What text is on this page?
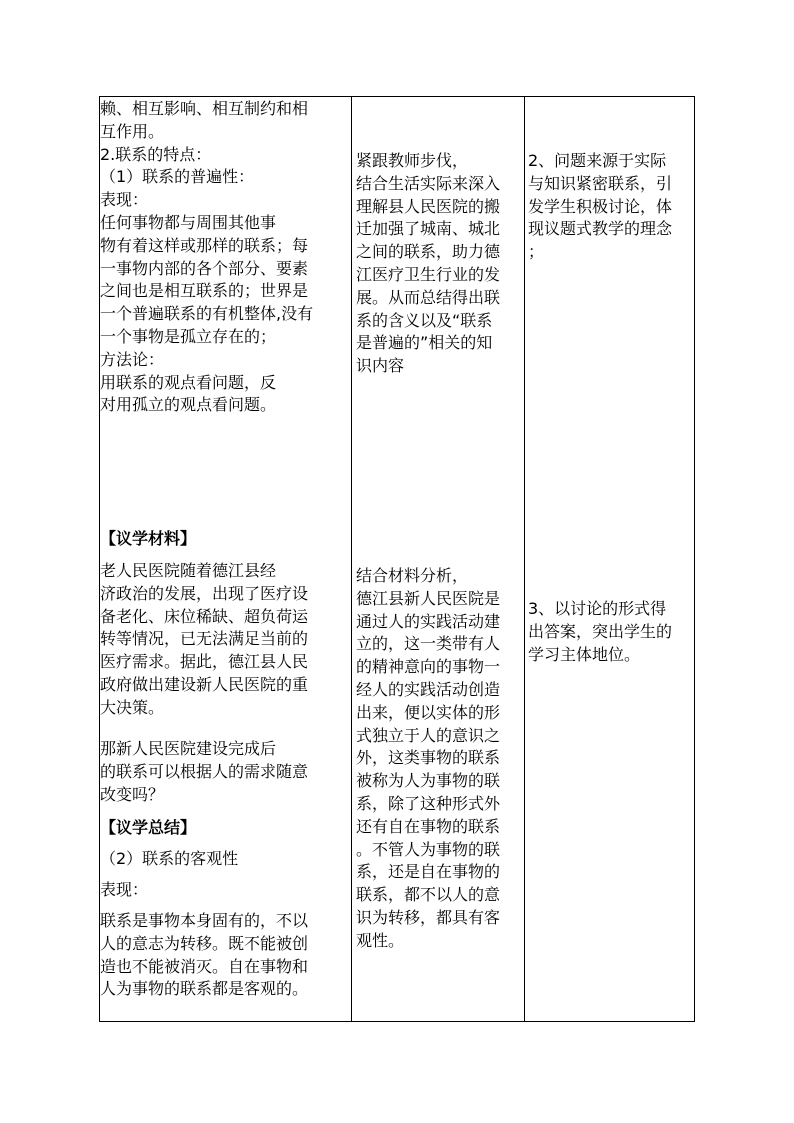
赖、相互影响、相互制约和相
互作用。
2.联系的特点：
（1）联系的普遍性：
表现：
任何事物都与周围其他事
物有着这样或那样的联系；每
一事物内部的各个部分、要素
之间也是相互联系的；世界是
一个普遍联系的有机整体,没有
一个事物是孤立存在的；
方法论：
用联系的观点看问题，反
对用孤立的观点看问题。
【议学材料】
老人民医院随着德江县经
济政治的发展，出现了医疗设
备老化、床位稀缺、超负荷运
转等情况，已无法满足当前的
医疗需求。据此，德江县人民
政府做出建设新人民医院的重
大决策。
那新人民医院建设完成后
的联系可以根据人的需求随意
改变吗？
【议学总结】
（2）联系的客观性
表现：
联系是事物本身固有的，不以
人的意志为转移。既不能被创
造也不能被消灭。自在事物和
人为事物的联系都是客观的。
紧跟教师步伐，
结合生活实际来深入
理解县人民医院的搬
迁加强了城南、城北
之间的联系，助力德
江医疗卫生行业的发
展。从而总结得出联
系的含义以及“联系
是普遍的”相关的知
识内容
结合材料分析，
德江县新人民医院是
通过人的实践活动建
立的，这一类带有人
的精神意向的事物一
经人的实践活动创造
出来，便以实体的形
式独立于人的意识之
外，这类事物的联系
被称为人为事物的联
系，除了这种形式外
还有自在事物的联系
。不管人为事物的联
系，还是自在事物的
联系，都不以人的意
识为转移，都具有客
观性。
2、问题来源于实际
与知识紧密联系，引
发学生积极讨论，体
现议题式教学的理念
；
3、以讨论的形式得
出答案，突出学生的
学习主体地位。
